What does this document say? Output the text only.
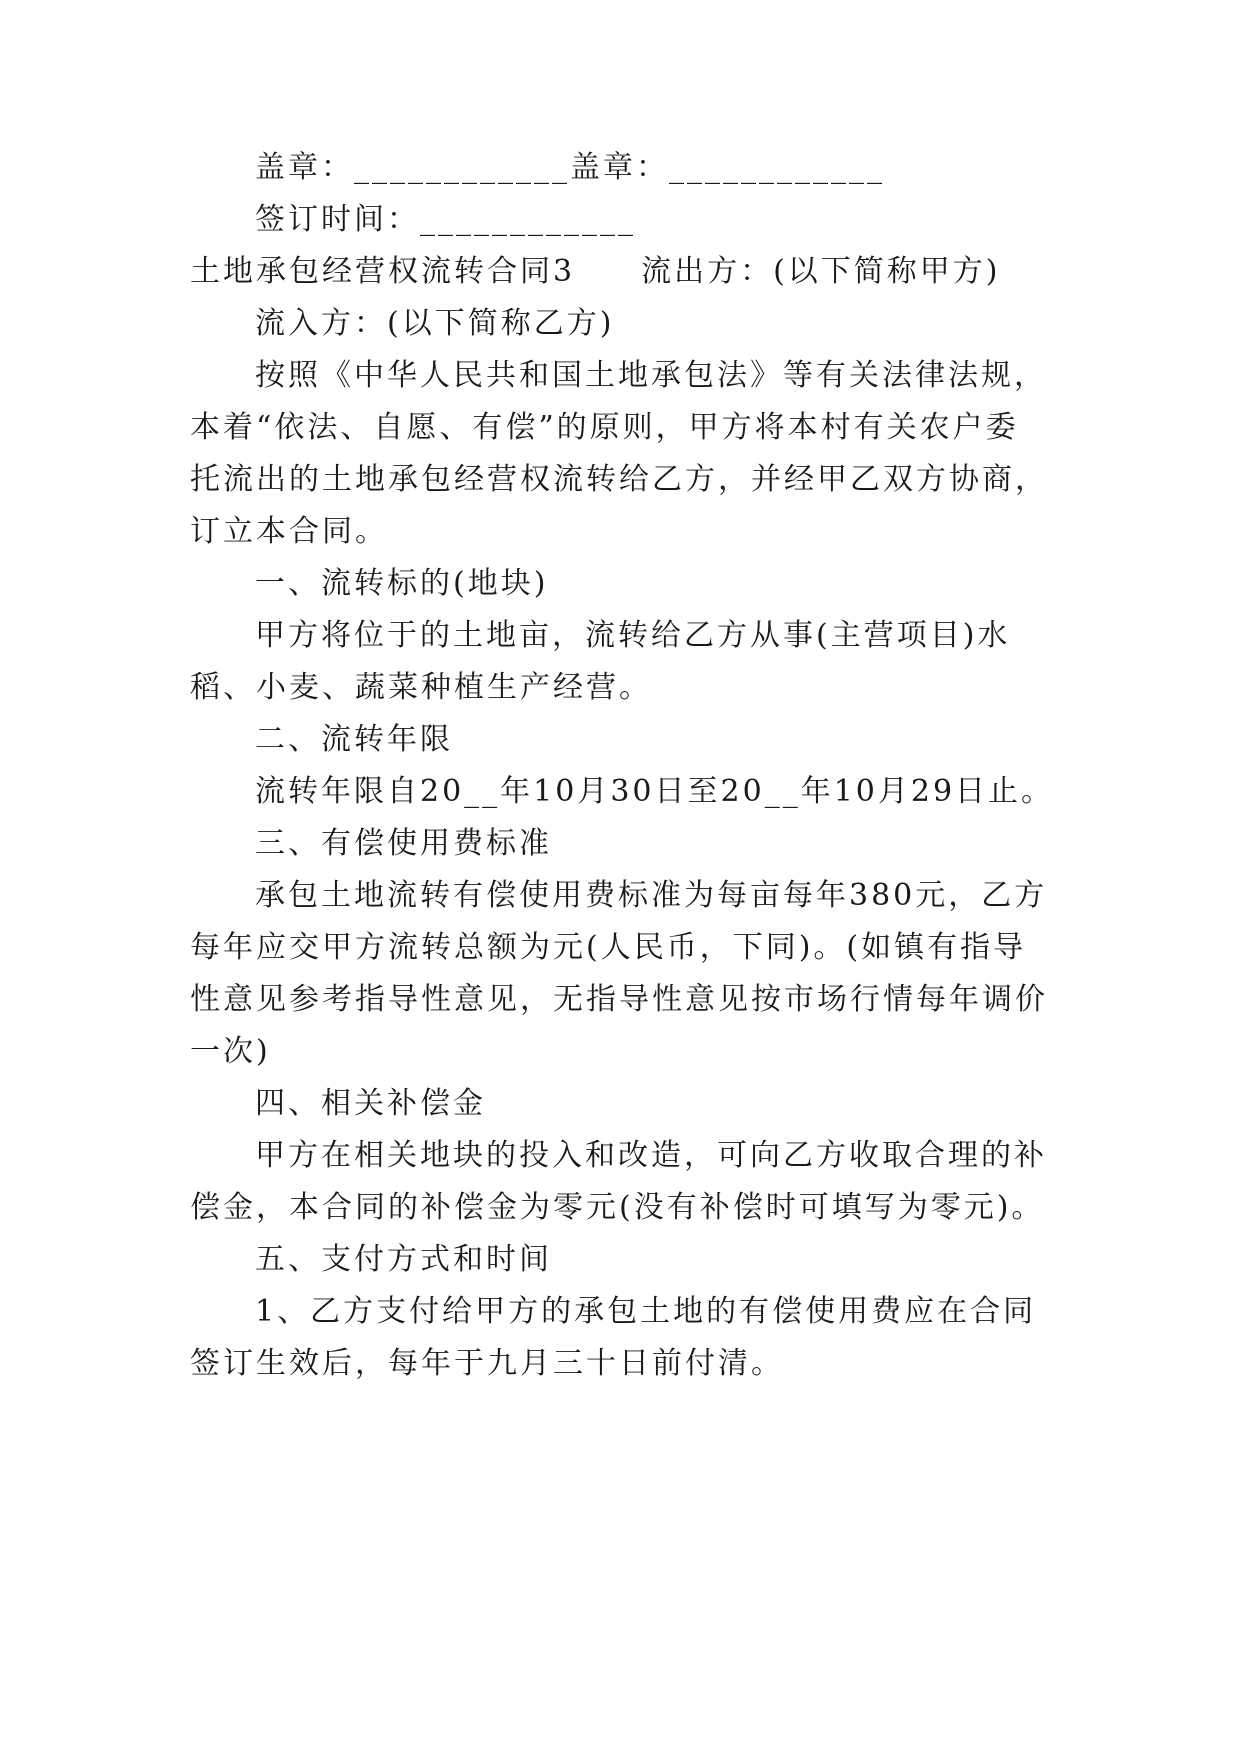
盖章：____________盖章：____________
签订时间：____________
土地承包经营权流转合同3　　流出方：(以下简称甲方)
流入方：(以下简称乙方)
按照《中华人民共和国土地承包法》等有关法律法规，
本着“依法、自愿、有偿”的原则，甲方将本村有关农户委
托流出的土地承包经营权流转给乙方，并经甲乙双方协商，
订立本合同。
一、流转标的(地块)
甲方将位于的土地亩，流转给乙方从事(主营项目)水
稻、小麦、蔬菜种植生产经营。
二、流转年限
流转年限自20__年10月30日至20__年10月29日止。
三、有偿使用费标准
承包土地流转有偿使用费标准为每亩每年380元，乙方
每年应交甲方流转总额为元(人民币，下同)。(如镇有指导
性意见参考指导性意见，无指导性意见按市场行情每年调价
一次)
四、相关补偿金
甲方在相关地块的投入和改造，可向乙方收取合理的补
偿金，本合同的补偿金为零元(没有补偿时可填写为零元)。
五、支付方式和时间
1、乙方支付给甲方的承包土地的有偿使用费应在合同
签订生效后，每年于九月三十日前付清。
